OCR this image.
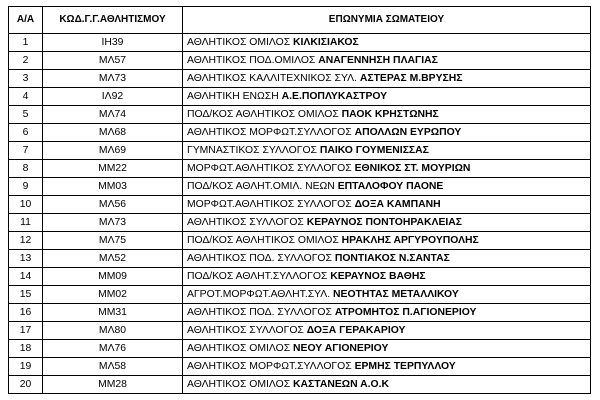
Α/Α	ΚΩΔ.Γ.Γ.ΑΘΛΗΤΙΣΜΟΥ	ΕΠΩΝΥΜΙΑ ΣΩΜΑΤΕΙΟΥ
1	ΙΗ39	ΑΘΛΗΤΙΚΟΣ ΟΜΙΛΟΣ ΚΙΛΚΙΣΙΑΚΟΣ
2	ΜΛ57	ΑΘΛΗΤΙΚΟΣ ΠΟΔ.ΟΜΙΛΟΣ ΑΝΑΓΕΝΝΗΣΗ ΠΛΑΓΙΑΣ
3	ΜΛ73	ΑΘΛΗΤΙΚΟΣ ΚΑΛΛΙΤΕΧΝΙΚΟΣ ΣΥΛ. ΑΣΤΕΡΑΣ Μ.ΒΡΥΣΗΣ
4	ΙΛ92	ΑΘΛΗΤΙΚΗ ΕΝΩΣΗ Α.Ε.ΠΟΠΛΥΚΑΣΤΡΟΥ
5	ΜΛ74	ΠΟΔ/ΚΟΣ ΑΘΛΗΤΙΚΟΣ ΟΜΙΛΟΣ ΠΑΟΚ ΚΡΗΣΤΩΝΗΣ
6	ΜΛ68	ΑΘΛΗΤΙΚΟΣ ΜΟΡΦΩΤ.ΣΥΛΛΟΓΟΣ ΑΠΟΛΛΩΝ ΕΥΡΩΠΟΥ
7	ΜΛ69	ΓΥΜΝΑΣΤΙΚΟΣ ΣΥΛΛΟΓΟΣ ΠΑΙΚΟ ΓΟΥΜΕΝΙΣΣΑΣ
8	ΜΜ22	ΜΟΡΦΩΤ.ΑΘΛΗΤΙΚΟΣ ΣΥΛΛΟΓΟΣ ΕΘΝΙΚΟΣ ΣΤ. ΜΟΥΡΙΩΝ
9	ΜΜ03	ΠΟΔ/ΚΟΣ ΑΘΛΗΤ.ΟΜΙΛ. ΝΕΩΝ ΕΠΤΑΛΟΦΟΥ ΠΑΟΝΕ
10	ΜΛ56	ΜΟΡΦΩΤ.ΑΘΛΗΤΙΚΟΣ ΣΥΛΛΟΓΟΣ ΔΟΞΑ ΚΑΜΠΑΝΗ
11	ΜΛ73	ΑΘΛΗΤΙΚΟΣ ΣΥΛΛΟΓΟΣ ΚΕΡΑΥΝΟΣ ΠΟΝΤΟΗΡΑΚΛΕΙΑΣ
12	ΜΛ75	ΠΟΔ/ΚΟΣ ΑΘΛΗΤΙΚΟΣ ΟΜΙΛΟΣ ΗΡΑΚΛΗΣ ΑΡΓΥΡΟΥΠΟΛΗΣ
13	ΜΛ52	ΑΘΛΗΤΙΚΟΣ ΠΟΔ. ΣΥΛΛΟΓΟΣ ΠΟΝΤΙΑΚΟΣ Ν.ΣΑΝΤΑΣ
14	ΜΜ09	ΠΟΔ/ΚΟΣ ΑΘΛΗΤ.ΣΥΛΛΟΓΟΣ ΚΕΡΑΥΝΟΣ ΒΑΘΗΣ
15	ΜΜ02	ΑΓΡΟΤ.ΜΟΡΦΩΤ.ΑΘΛΗΤ.ΣΥΛ. ΝΕΟΤΗΤΑΣ ΜΕΤΑΛΛΙΚΟΥ
16	ΜΜ31	ΑΘΛΗΤΙΚΟΣ ΠΟΔ. ΣΥΛΛΟΓΟΣ ΑΤΡΟΜΗΤΟΣ Π.ΑΓΙΟΝΕΡΙΟΥ
17	ΜΛ80	ΑΘΛΗΤΙΚΟΣ ΣΥΛΛΟΓΟΣ ΔΟΞΑ ΓΕΡΑΚΑΡΙΟΥ
18	ΜΛ76	ΑΘΛΗΤΙΚΟΣ ΟΜΙΛΟΣ ΝΕΟΥ ΑΓΙΟΝΕΡΙΟΥ
19	ΜΛ58	ΑΘΛΗΤΙΚΟΣ ΜΟΡΦΩΤ.ΣΥΛΛΟΓΟΣ ΕΡΜΗΣ ΤΕΡΠΥΛΛΟΥ
20	ΜΜ28	ΑΘΛΗΤΙΚΟΣ ΟΜΙΛΟΣ ΚΑΣΤΑΝΕΩΝ Α.Ο.Κ
